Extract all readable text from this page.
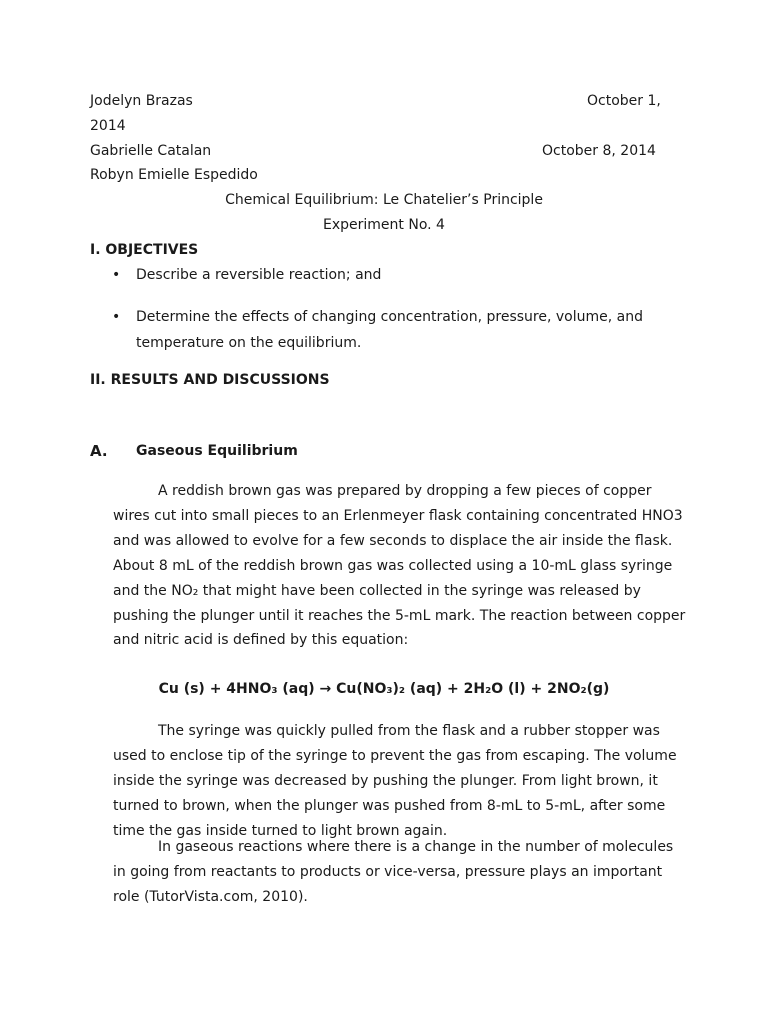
Jodelyn Brazas	October 1,
2014
Gabrielle Catalan	October 8, 2014
Robyn Emielle Espedido
Chemical Equilibrium: Le Chatelier’s Principle
Experiment No. 4
I. OBJECTIVES
• Describe a reversible reaction; and
• Determine the effects of changing concentration, pressure, volume, and
temperature on the equilibrium.
II. RESULTS AND DISCUSSIONS
A. Gaseous Equilibrium
A reddish brown gas was prepared by dropping a few pieces of copper
wires cut into small pieces to an Erlenmeyer flask containing concentrated HNO3
and was allowed to evolve for a few seconds to displace the air inside the flask.
About 8 mL of the reddish brown gas was collected using a 10-mL glass syringe
and the NO₂ that might have been collected in the syringe was released by
pushing the plunger until it reaches the 5-mL mark. The reaction between copper
and nitric acid is defined by this equation:
Cu (s) + 4HNO₃ (aq) → Cu(NO₃)₂ (aq) + 2H₂O (l) + 2NO₂(g)
The syringe was quickly pulled from the flask and a rubber stopper was
used to enclose tip of the syringe to prevent the gas from escaping. The volume
inside the syringe was decreased by pushing the plunger. From light brown, it
turned to brown, when the plunger was pushed from 8-mL to 5-mL, after some
time the gas inside turned to light brown again.
In gaseous reactions where there is a change in the number of molecules
in going from reactants to products or vice-versa, pressure plays an important
role (TutorVista.com, 2010).
